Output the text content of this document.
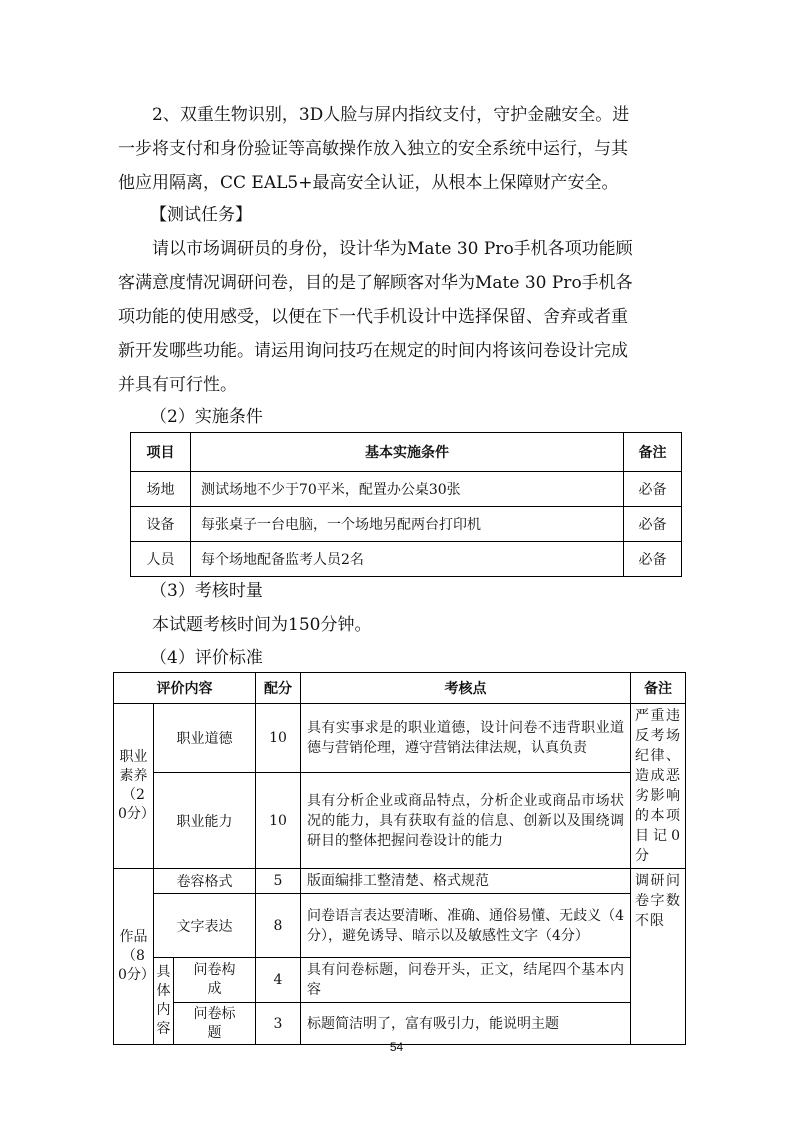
2、双重生物识别，3D人脸与屏内指纹支付，守护金融安全。进
一步将支付和身份验证等高敏操作放入独立的安全系统中运行，与其
他应用隔离，CC EAL5+最高安全认证，从根本上保障财产安全。
【测试任务】
请以市场调研员的身份，设计华为Mate 30 Pro手机各项功能顾
客满意度情况调研问卷，目的是了解顾客对华为Mate 30 Pro手机各
项功能的使用感受，以便在下一代手机设计中选择保留、舍弃或者重
新开发哪些功能。请运用询问技巧在规定的时间内将该问卷设计完成
并具有可行性。
（2）实施条件
项目	基本实施条件	备注
场地	测试场地不少于70平米，配置办公桌30张	必备
设备	每张桌子一台电脑，一个场地另配两台打印机	必备
人员	每个场地配备监考人员2名	必备
（3）考核时量
本试题考核时间为150分钟。
（4）评价标准
评价内容			配分	考核点	备注
职业素养（20分）	职业道德		10	具有实事求是的职业道德，设计问卷不违背职业道德与营销伦理，遵守营销法律法规，认真负责	严重违反考场纪律、造成恶劣影响的本项目记0分
	职业能力		10	具有分析企业或商品特点，分析企业或商品市场状况的能力，具有获取有益的信息、创新以及围绕调研目的整体把握问卷设计的能力	
作品（80分）	卷容格式		5	版面编排工整清楚、格式规范	调研问卷字数不限
	文字表达		8	问卷语言表达要清晰、准确、通俗易懂、无歧义（4分），避免诱导、暗示以及敏感性文字（4分）	
	具体内容	问卷构成	4	具有问卷标题，问卷开头，正文，结尾四个基本内容	
		问卷标题	3	标题简洁明了，富有吸引力，能说明主题	
54
